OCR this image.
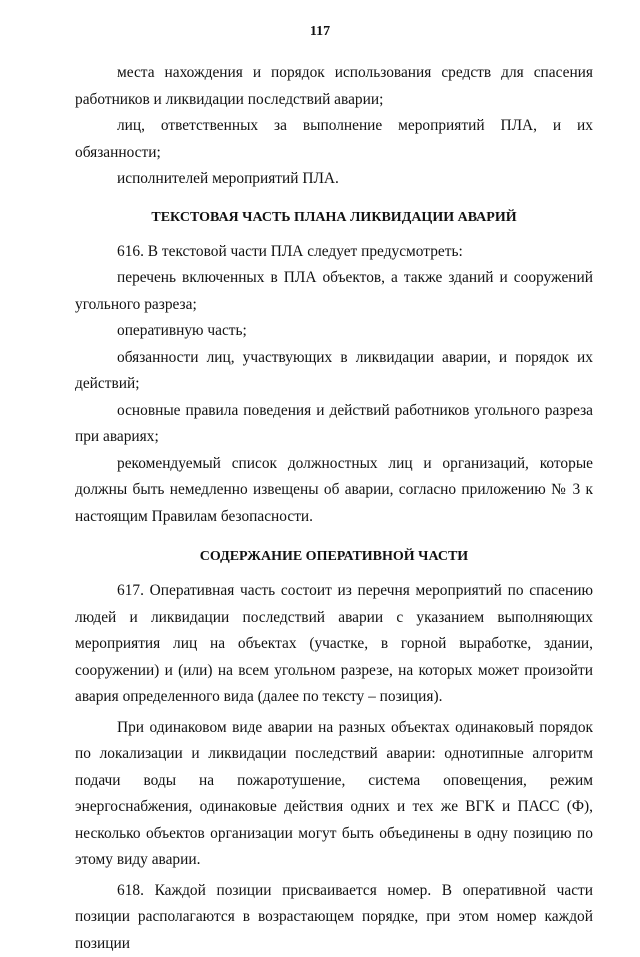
117

места нахождения и порядок использования средств для спасения работников и ликвидации последствий аварии;

лиц, ответственных за выполнение мероприятий ПЛА, и их обязанности;

исполнителей мероприятий ПЛА.

ТЕКСТОВАЯ ЧАСТЬ ПЛАНА ЛИКВИДАЦИИ АВАРИЙ

616. В текстовой части ПЛА следует предусмотреть:

перечень включенных в ПЛА объектов, а также зданий и сооружений угольного разреза;

оперативную часть;

обязанности лиц, участвующих в ликвидации аварии, и порядок их действий;

основные правила поведения и действий работников угольного разреза при авариях;

рекомендуемый список должностных лиц и организаций, которые должны быть немедленно извещены об аварии, согласно приложению № 3 к настоящим Правилам безопасности.

СОДЕРЖАНИЕ ОПЕРАТИВНОЙ ЧАСТИ

617. Оперативная часть состоит из перечня мероприятий по спасению людей и ликвидации последствий аварии с указанием выполняющих мероприятия лиц на объектах (участке, в горной выработке, здании, сооружении) и (или) на всем угольном разрезе, на которых может произойти авария определенного вида (далее по тексту – позиция).

При одинаковом виде аварии на разных объектах одинаковый порядок по локализации и ликвидации последствий аварии: однотипные алгоритм подачи воды на пожаротушение, система оповещения, режим энергоснабжения, одинаковые действия одних и тех же ВГК и ПАСС (Ф), несколько объектов организации могут быть объединены в одну позицию по этому виду аварии.

618. Каждой позиции присваивается номер. В оперативной части позиции располагаются в возрастающем порядке, при этом номер каждой позиции
